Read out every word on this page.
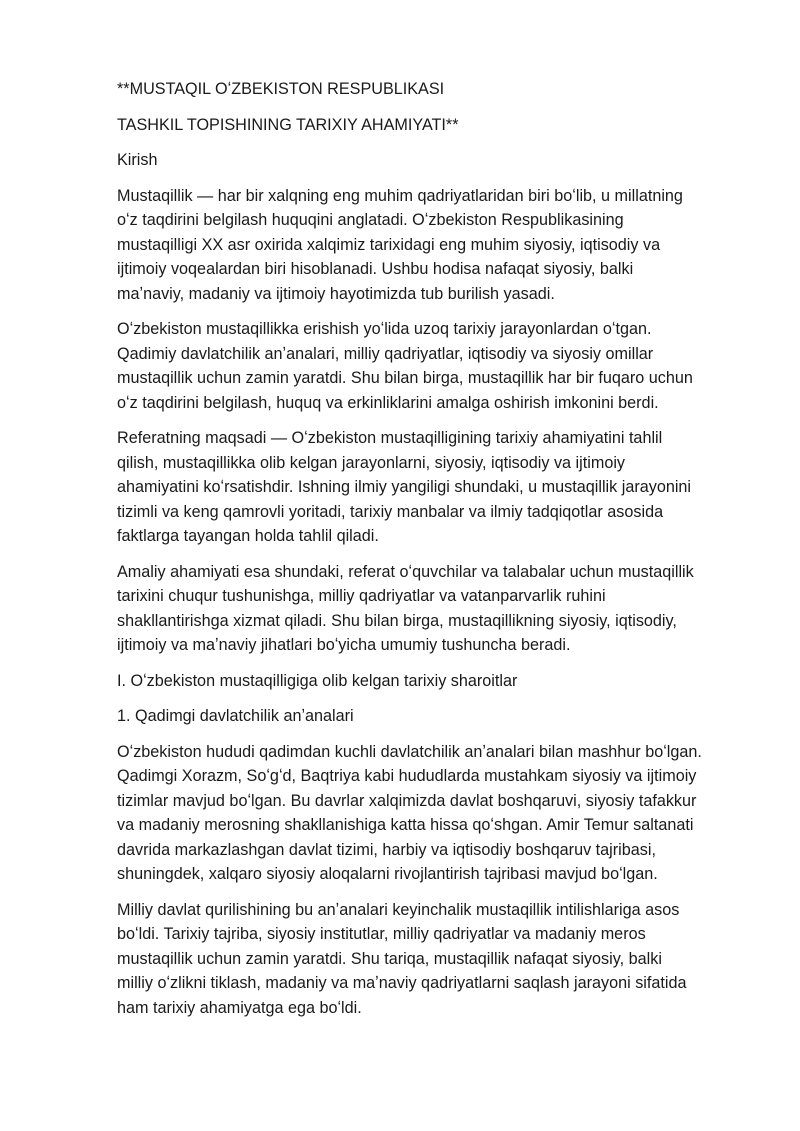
**MUSTAQIL OʻZBEKISTON RESPUBLIKASI
TASHKIL TOPISHINING TARIXIY AHAMIYATI**
Kirish
Mustaqillik — har bir xalqning eng muhim qadriyatlaridan biri boʻlib, u millatning
oʻz taqdirini belgilash huquqini anglatadi. Oʻzbekiston Respublikasining
mustaqilligi XX asr oxirida xalqimiz tarixidagi eng muhim siyosiy, iqtisodiy va
ijtimoiy voqealardan biri hisoblanadi. Ushbu hodisa nafaqat siyosiy, balki
maʼnaviy, madaniy va ijtimoiy hayotimizda tub burilish yasadi.
Oʻzbekiston mustaqillikka erishish yoʻlida uzoq tarixiy jarayonlardan oʻtgan.
Qadimiy davlatchilik anʼanalari, milliy qadriyatlar, iqtisodiy va siyosiy omillar
mustaqillik uchun zamin yaratdi. Shu bilan birga, mustaqillik har bir fuqaro uchun
oʻz taqdirini belgilash, huquq va erkinliklarini amalga oshirish imkonini berdi.
Referatning maqsadi — Oʻzbekiston mustaqilligining tarixiy ahamiyatini tahlil
qilish, mustaqillikka olib kelgan jarayonlarni, siyosiy, iqtisodiy va ijtimoiy
ahamiyatini koʻrsatishdir. Ishning ilmiy yangiligi shundaki, u mustaqillik jarayonini
tizimli va keng qamrovli yoritadi, tarixiy manbalar va ilmiy tadqiqotlar asosida
faktlarga tayangan holda tahlil qiladi.
Amaliy ahamiyati esa shundaki, referat oʻquvchilar va talabalar uchun mustaqillik
tarixini chuqur tushunishga, milliy qadriyatlar va vatanparvarlik ruhini
shakllantirishga xizmat qiladi. Shu bilan birga, mustaqillikning siyosiy, iqtisodiy,
ijtimoiy va maʼnaviy jihatlari boʻyicha umumiy tushuncha beradi.
I. Oʻzbekiston mustaqilligiga olib kelgan tarixiy sharoitlar
1. Qadimgi davlatchilik anʼanalari
Oʻzbekiston hududi qadimdan kuchli davlatchilik anʼanalari bilan mashhur boʻlgan.
Qadimgi Xorazm, Soʻgʻd, Baqtriya kabi hududlarda mustahkam siyosiy va ijtimoiy
tizimlar mavjud boʻlgan. Bu davrlar xalqimizda davlat boshqaruvi, siyosiy tafakkur
va madaniy merosning shakllanishiga katta hissa qoʻshgan. Amir Temur saltanati
davrida markazlashgan davlat tizimi, harbiy va iqtisodiy boshqaruv tajribasi,
shuningdek, xalqaro siyosiy aloqalarni rivojlantirish tajribasi mavjud boʻlgan.
Milliy davlat qurilishining bu anʼanalari keyinchalik mustaqillik intilishlariga asos
boʻldi. Tarixiy tajriba, siyosiy institutlar, milliy qadriyatlar va madaniy meros
mustaqillik uchun zamin yaratdi. Shu tariqa, mustaqillik nafaqat siyosiy, balki
milliy oʻzlikni tiklash, madaniy va maʼnaviy qadriyatlarni saqlash jarayoni sifatida
ham tarixiy ahamiyatga ega boʻldi.
